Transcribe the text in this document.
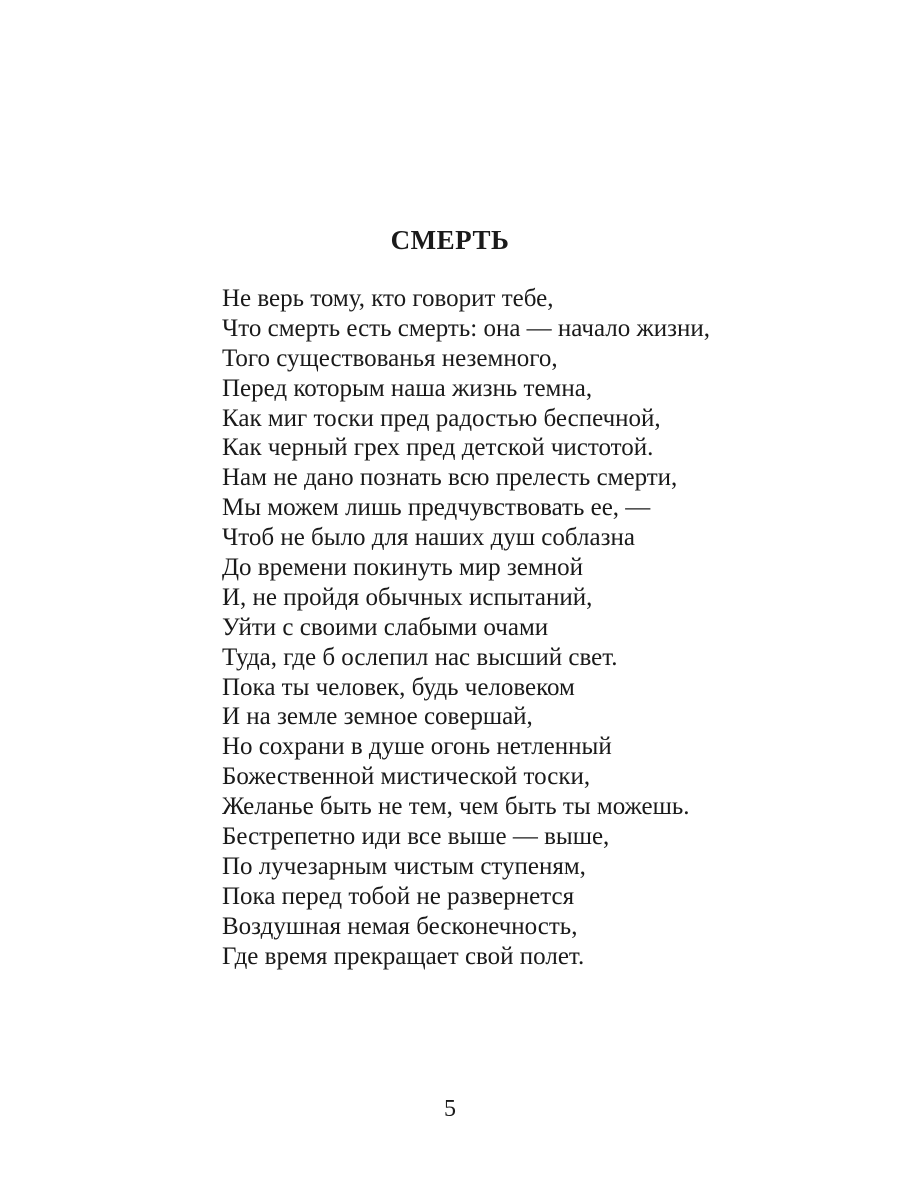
СМЕРТЬ
Не верь тому, кто говорит тебе,
Что смерть есть смерть: она — начало жизни,
Того существованья неземного,
Перед которым наша жизнь темна,
Как миг тоски пред радостью беспечной,
Как черный грех пред детской чистотой.
Нам не дано познать всю прелесть смерти,
Мы можем лишь предчувствовать ее, —
Чтоб не было для наших душ соблазна
До времени покинуть мир земной
И, не пройдя обычных испытаний,
Уйти с своими слабыми очами
Туда, где б ослепил нас высший свет.
Пока ты человек, будь человеком
И на земле земное совершай,
Но сохрани в душе огонь нетленный
Божественной мистической тоски,
Желанье быть не тем, чем быть ты можешь.
Бестрепетно иди все выше — выше,
По лучезарным чистым ступеням,
Пока перед тобой не развернется
Воздушная немая бесконечность,
Где время прекращает свой полет.
5
